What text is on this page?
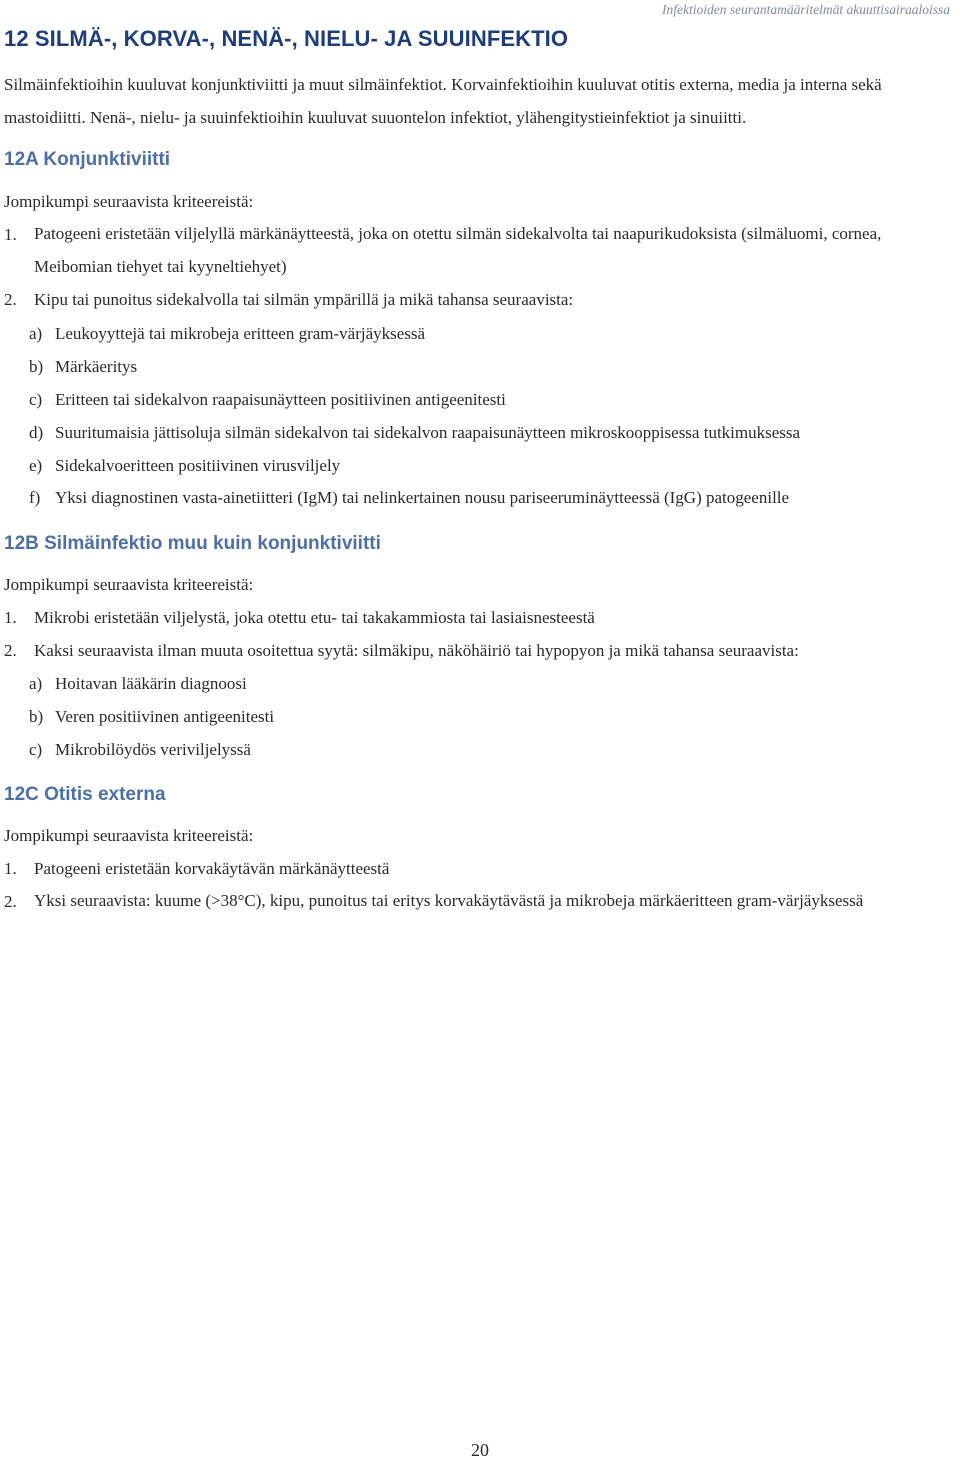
Infektioiden seurantamääritelmät akuuttisairaaloissa
12 SILMÄ-, KORVA-, NENÄ-, NIELU- JA SUUINFEKTIO

Silmäinfektioihin kuuluvat konjunktiviitti ja muut silmäinfektiot. Korvainfektioihin kuuluvat otitis externa, media ja interna sekä mastoidiitti. Nenä-, nielu- ja suuinfektioihin kuuluvat suuontelon infektiot, ylähengitystieinfektiot ja sinuiitti.

12A Konjunktiviitti

Jompikumpi seuraavista kriteereistä:

1. Patogeeni eristetään viljelyllä märkänäytteestä, joka on otettu silmän sidekalvolta tai naapurikudoksista (silmäluomi, cornea, Meibomian tiehyet tai kyyneltiehyet)
2. Kipu tai punoitus sidekalvolla tai silmän ympärillä ja mikä tahansa seuraavista:
a) Leukoyyttejä tai mikrobeja eritteen gram-värjäyksessä
b) Märkäeritys
c) Eritteen tai sidekalvon raapaisunäytteen positiivinen antigeenitesti
d) Suuritumaisia jättisoluja silmän sidekalvon tai sidekalvon raapaisunäytteen mikroskooppisessa tutkimuksessa
e) Sidekalvoeritteen positiivinen virusviljely
f) Yksi diagnostinen vasta-ainetiitteri (IgM) tai nelinkertainen nousu pariseeruminäytteessä (IgG) patogeenille
12B Silmäinfektio muu kuin konjunktiviitti

Jompikumpi seuraavista kriteereistä:

1. Mikrobi eristetään viljelystä, joka otettu etu- tai takakammiosta tai lasiaisnesteestä
2. Kaksi seuraavista ilman muuta osoitettua syytä: silmäkipu, näköhäiriö tai hypopyon ja mikä tahansa seuraavista:
a) Hoitavan lääkärin diagnoosi
b) Veren positiivinen antigeenitesti
c) Mikrobilöydös veriviljelyssä
12C Otitis externa

Jompikumpi seuraavista kriteereistä:

1. Patogeeni eristetään korvakäytävän märkänäytteestä
2. Yksi seuraavista: kuume (>38°C), kipu, punoitus tai eritys korvakäytävästä ja mikrobeja märkäeritteen gram-värjäyksessä
20
